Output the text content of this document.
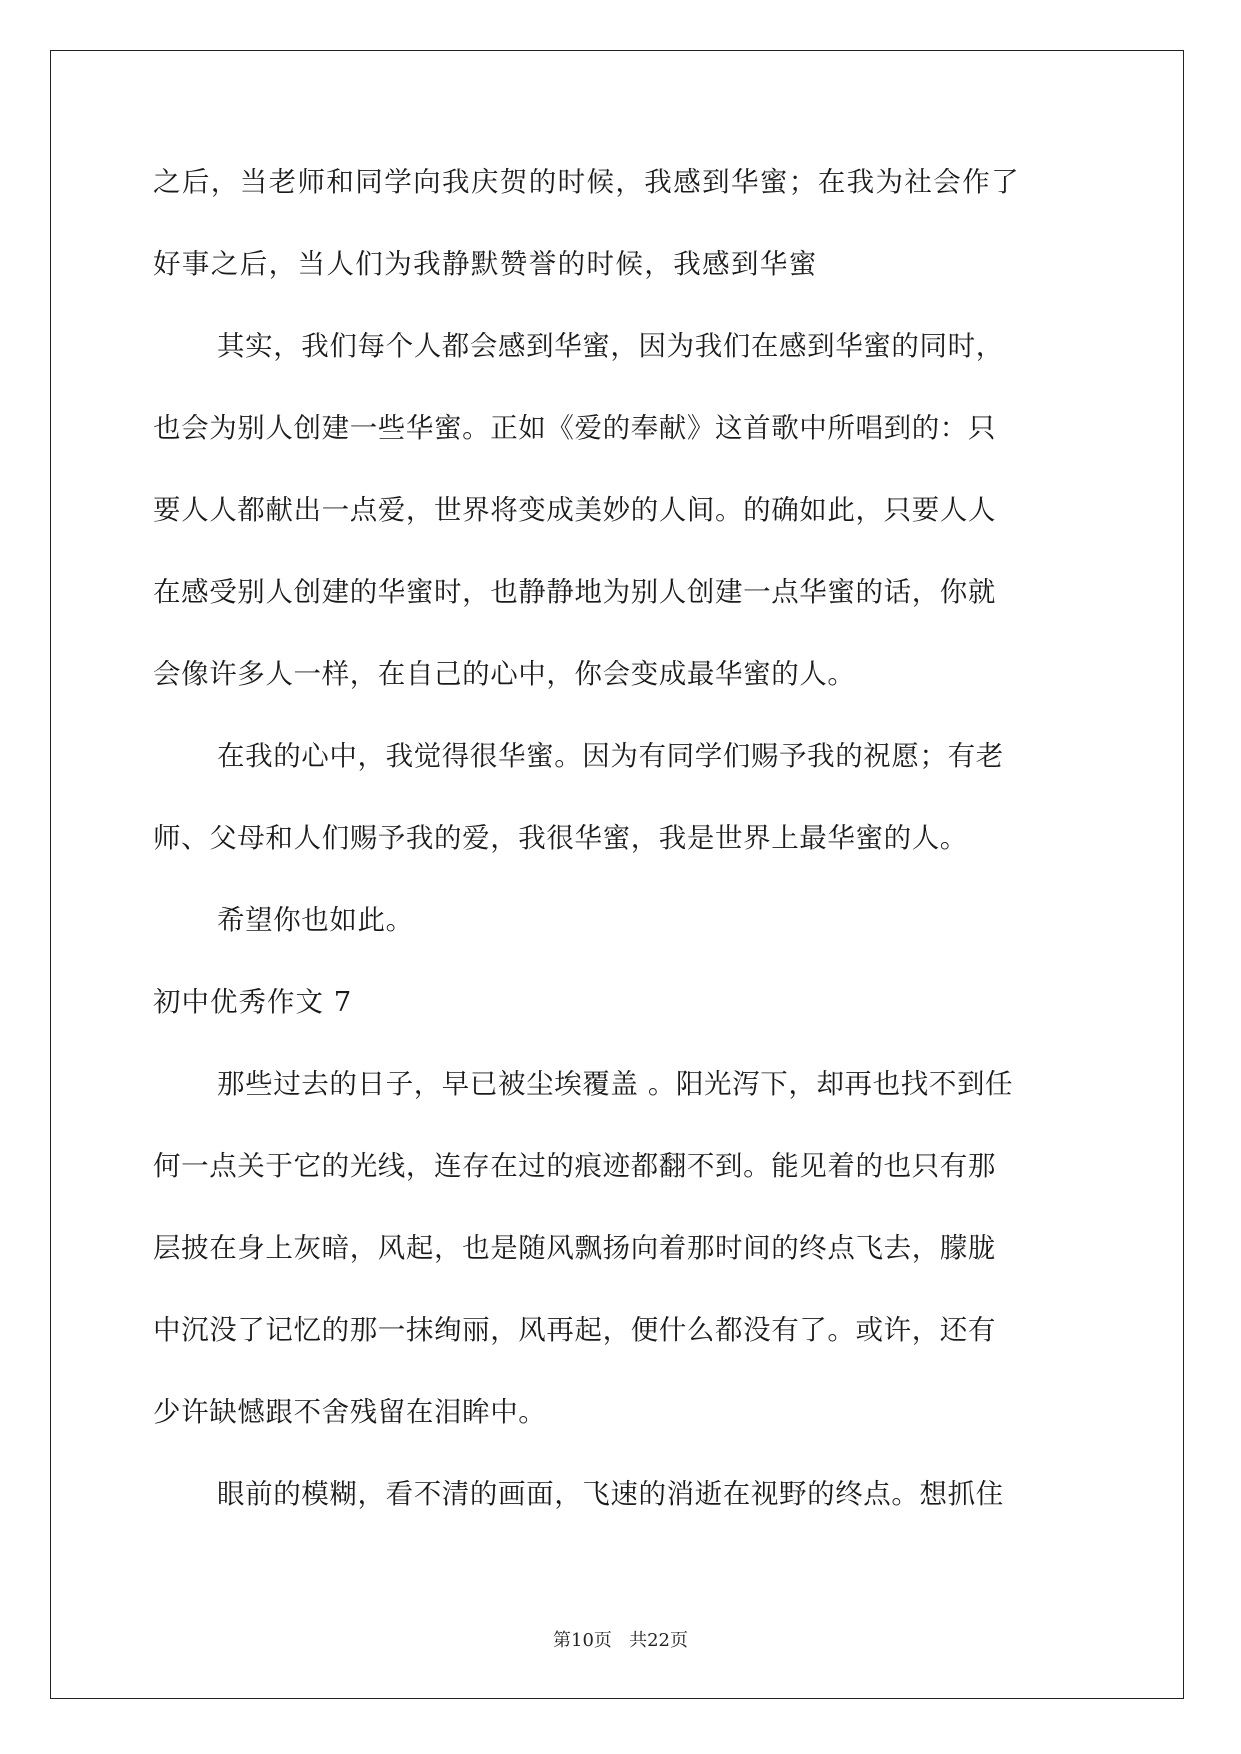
之后，当老师和同学向我庆贺的时候，我感到华蜜；在我为社会作了
好事之后，当人们为我静默赞誉的时候，我感到华蜜
其实，我们每个人都会感到华蜜，因为我们在感到华蜜的同时，
也会为别人创建一些华蜜。正如《爱的奉献》这首歌中所唱到的：只
要人人都献出一点爱，世界将变成美妙的人间。的确如此，只要人人
在感受别人创建的华蜜时，也静静地为别人创建一点华蜜的话，你就
会像许多人一样，在自己的心中，你会变成最华蜜的人。
在我的心中，我觉得很华蜜。因为有同学们赐予我的祝愿；有老
师、父母和人们赐予我的爱，我很华蜜，我是世界上最华蜜的人。
希望你也如此。
初中优秀作文 7
那些过去的日子，早已被尘埃覆盖 。阳光泻下，却再也找不到任
何一点关于它的光线，连存在过的痕迹都翻不到。能见着的也只有那
层披在身上灰暗，风起，也是随风飘扬向着那时间的终点飞去，朦胧
中沉没了记忆的那一抹绚丽，风再起，便什么都没有了。或许，还有
少许缺憾跟不舍残留在泪眸中。
眼前的模糊，看不清的画面，飞速的消逝在视野的终点。想抓住
第10页 共22页
